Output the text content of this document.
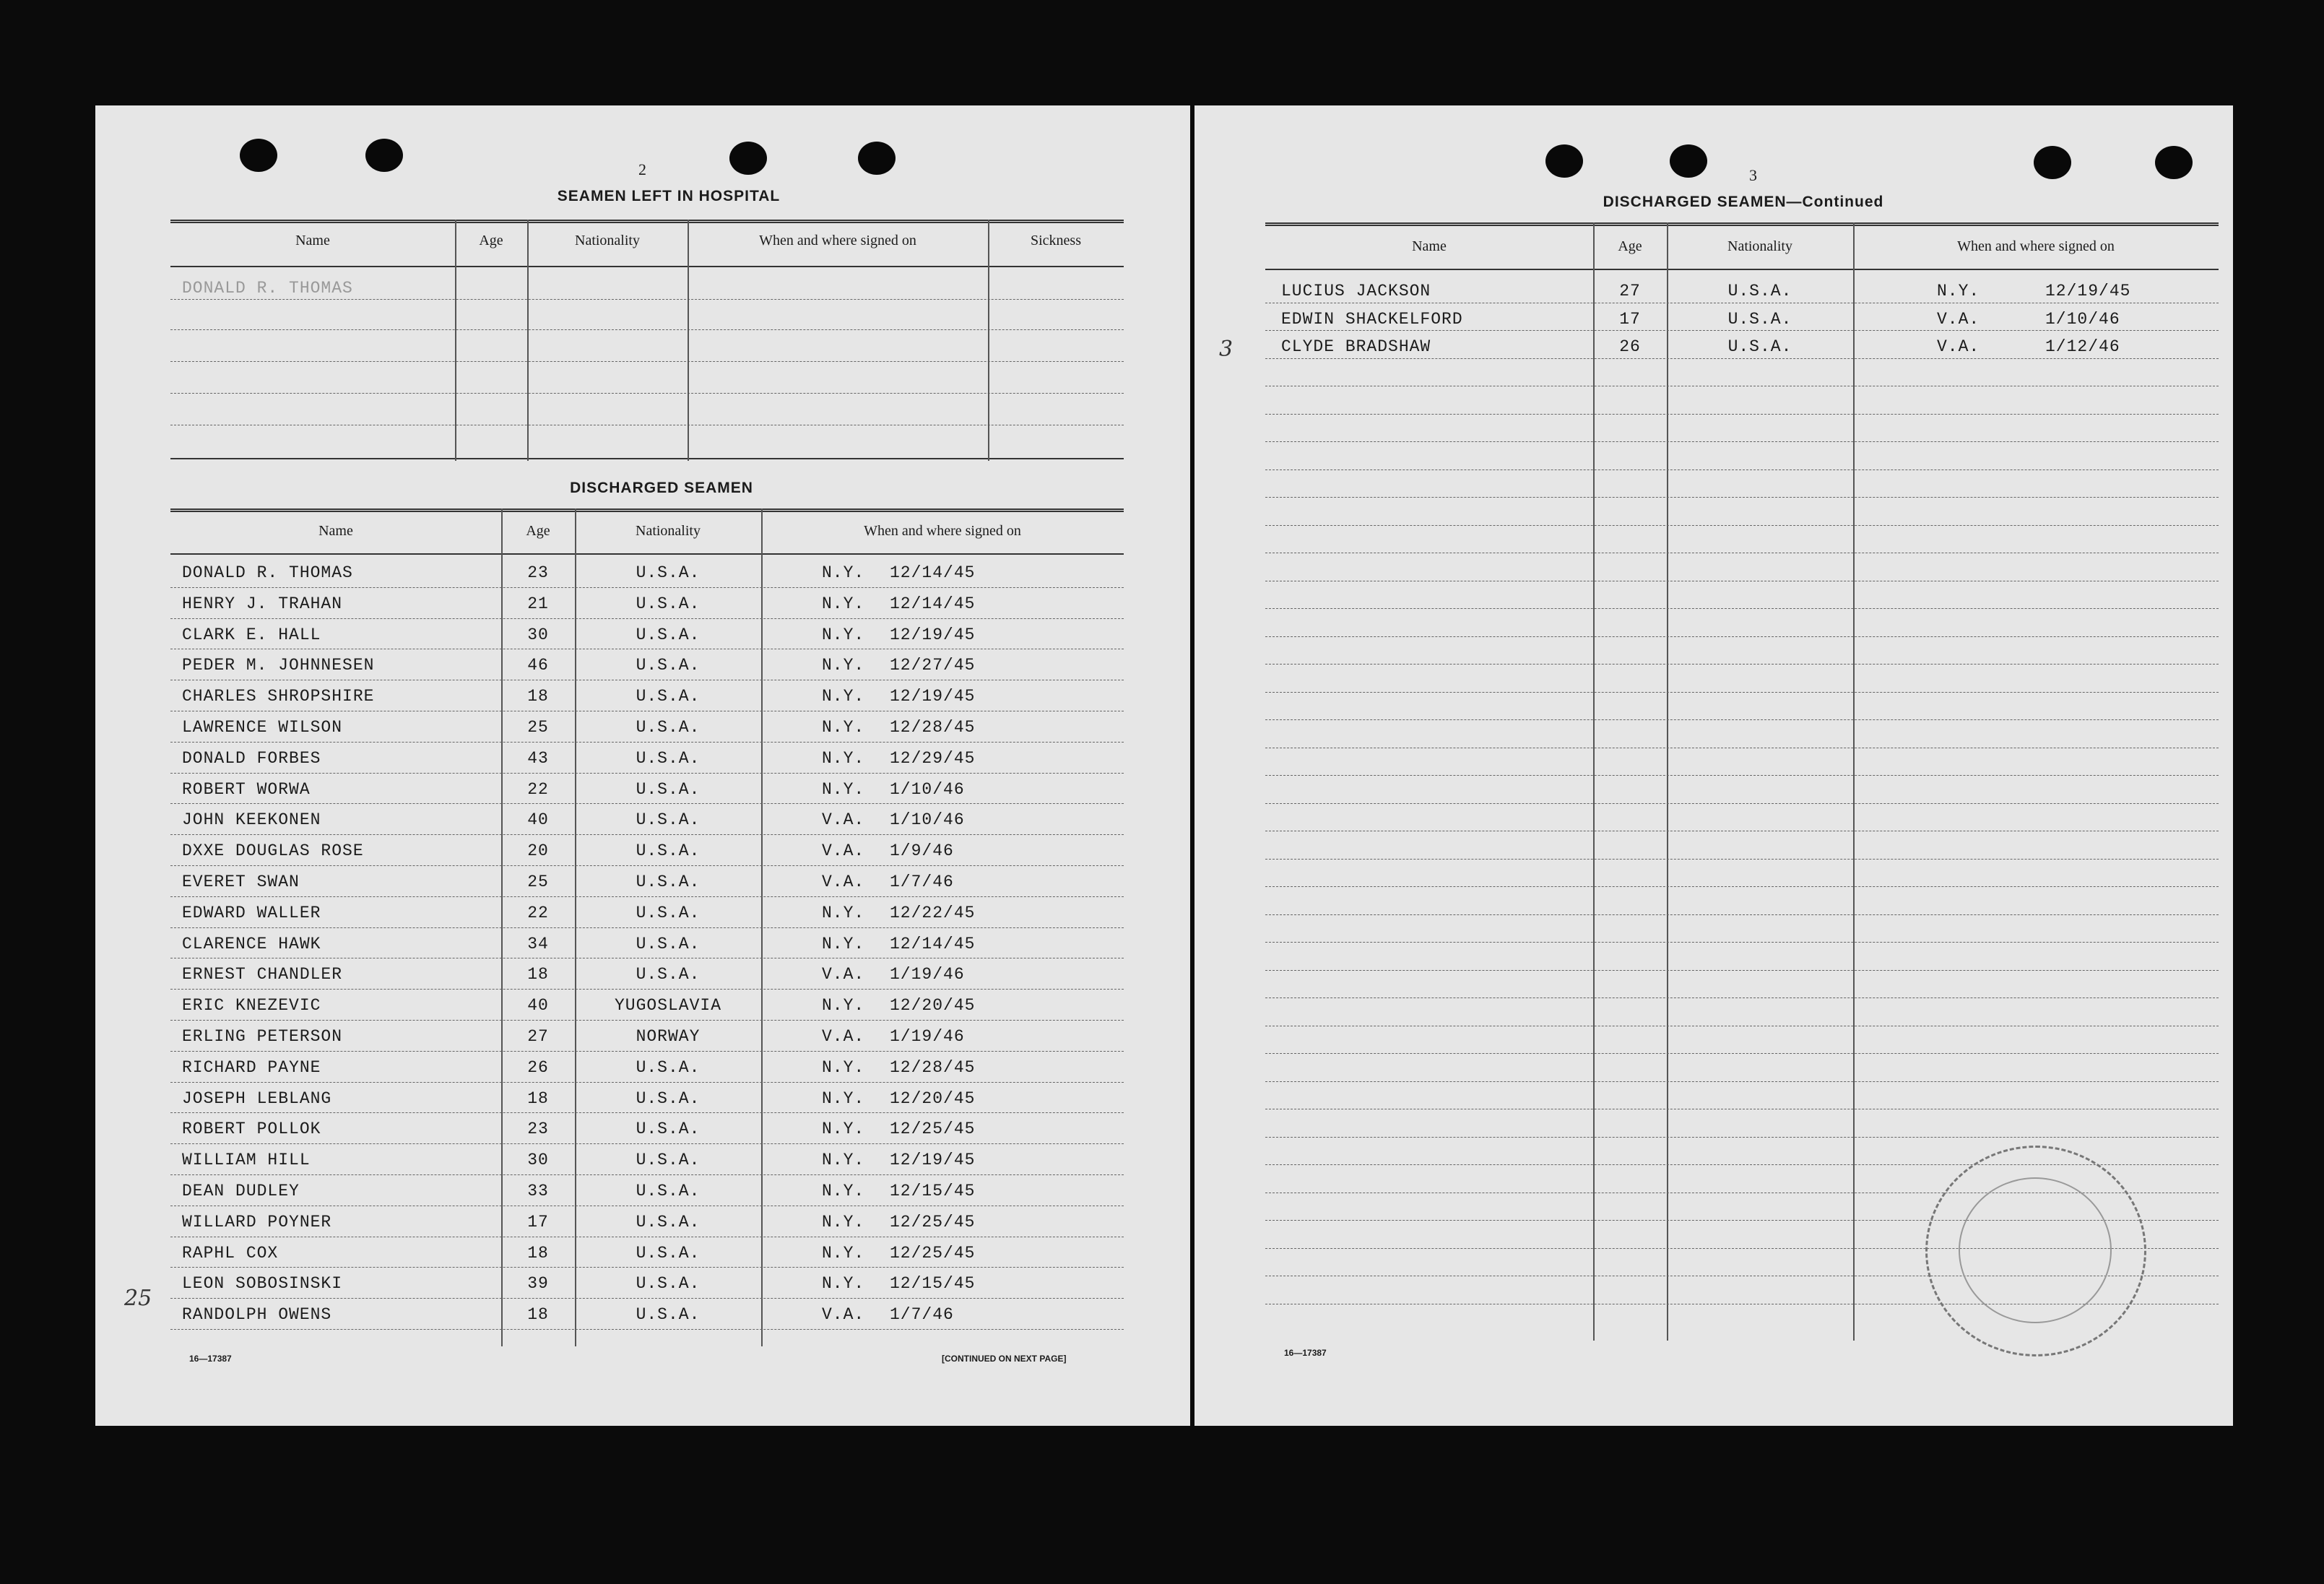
2
SEAMEN LEFT IN HOSPITAL
Name	Age	Nationality	When and where signed on	Sickness
DONALD R. THOMAS
DISCHARGED SEAMEN
Name	Age	Nationality	When and where signed on
DONALD R. THOMAS	23	U.S.A.	N.Y. 12/14/45
HENRY J. TRAHAN	21	U.S.A.	N.Y. 12/14/45
CLARK E. HALL	30	U.S.A.	N.Y. 12/19/45
PEDER M. JOHNNESEN	46	U.S.A.	N.Y. 12/27/45
CHARLES SHROPSHIRE	18	U.S.A.	N.Y. 12/19/45
LAWRENCE WILSON	25	U.S.A.	N.Y. 12/28/45
DONALD FORBES	43	U.S.A.	N.Y. 12/29/45
ROBERT WORWA	22	U.S.A.	N.Y. 1/10/46
JOHN KEEKONEN	40	U.S.A.	V.A. 1/10/46
DXXE DOUGLAS ROSE	20	U.S.A.	V.A. 1/9/46
EVERET SWAN	25	U.S.A.	V.A. 1/7/46
EDWARD WALLER	22	U.S.A.	N.Y. 12/22/45
CLARENCE HAWK	34	U.S.A.	N.Y. 12/14/45
ERNEST CHANDLER	18	U.S.A.	V.A. 1/19/46
ERIC KNEZEVIC	40	YUGOSLAVIA	N.Y. 12/20/45
ERLING PETERSON	27	NORWAY	V.A. 1/19/46
RICHARD PAYNE	26	U.S.A.	N.Y. 12/28/45
JOSEPH LEBLANG	18	U.S.A.	N.Y. 12/20/45
ROBERT POLLOK	23	U.S.A.	N.Y. 12/25/45
WILLIAM HILL	30	U.S.A.	N.Y. 12/19/45
DEAN DUDLEY	33	U.S.A.	N.Y. 12/15/45
WILLARD POYNER	17	U.S.A.	N.Y. 12/25/45
RAPHL COX	18	U.S.A.	N.Y. 12/25/45
LEON SOBOSINSKI	39	U.S.A.	N.Y. 12/15/45
RANDOLPH OWENS	18	U.S.A.	V.A. 1/7/46
25
16—17387	[CONTINUED ON NEXT PAGE]
3
DISCHARGED SEAMEN—Continued
Name	Age	Nationality	When and where signed on
LUCIUS JACKSON	27	U.S.A.	N.Y.	12/19/45
EDWIN SHACKELFORD	17	U.S.A.	V.A.	1/10/46
CLYDE BRADSHAW	26	U.S.A.	V.A.	1/12/46
3
16—17387
